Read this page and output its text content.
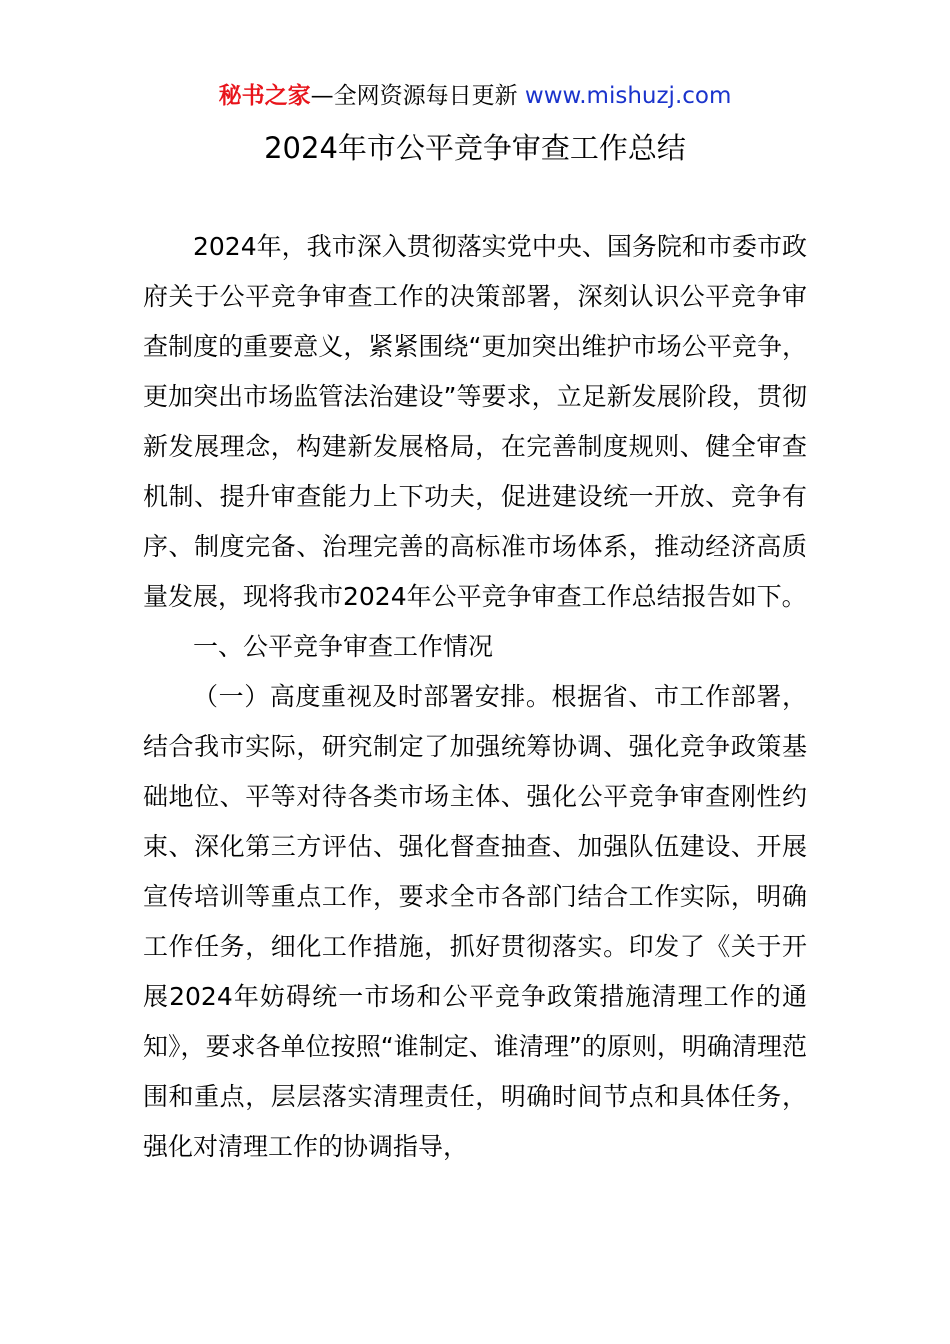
秘书之家—全网资源每日更新 www.mishuzj.com
2024年市公平竞争审查工作总结

2024年，我市深入贯彻落实党中央、国务院和市委市政府关于公平竞争审查工作的决策部署，深刻认识公平竞争审查制度的重要意义，紧紧围绕“更加突出维护市场公平竞争，更加突出市场监管法治建设”等要求，立足新发展阶段，贯彻新发展理念，构建新发展格局，在完善制度规则、健全审查机制、提升审查能力上下功夫，促进建设统一开放、竞争有序、制度完备、治理完善的高标准市场体系，推动经济高质量发展，现将我市2024年公平竞争审查工作总结报告如下。

一、公平竞争审查工作情况

（一）高度重视及时部署安排。根据省、市工作部署，结合我市实际，研究制定了加强统筹协调、强化竞争政策基础地位、平等对待各类市场主体、强化公平竞争审查刚性约束、深化第三方评估、强化督查抽查、加强队伍建设、开展宣传培训等重点工作，要求全市各部门结合工作实际，明确工作任务，细化工作措施，抓好贯彻落实。印发了《关于开展2024年妨碍统一市场和公平竞争政策措施清理工作的通知》，要求各单位按照“谁制定、谁清理”的原则，明确清理范围和重点，层层落实清理责任，明确时间节点和具体任务，强化对清理工作的协调指导，
